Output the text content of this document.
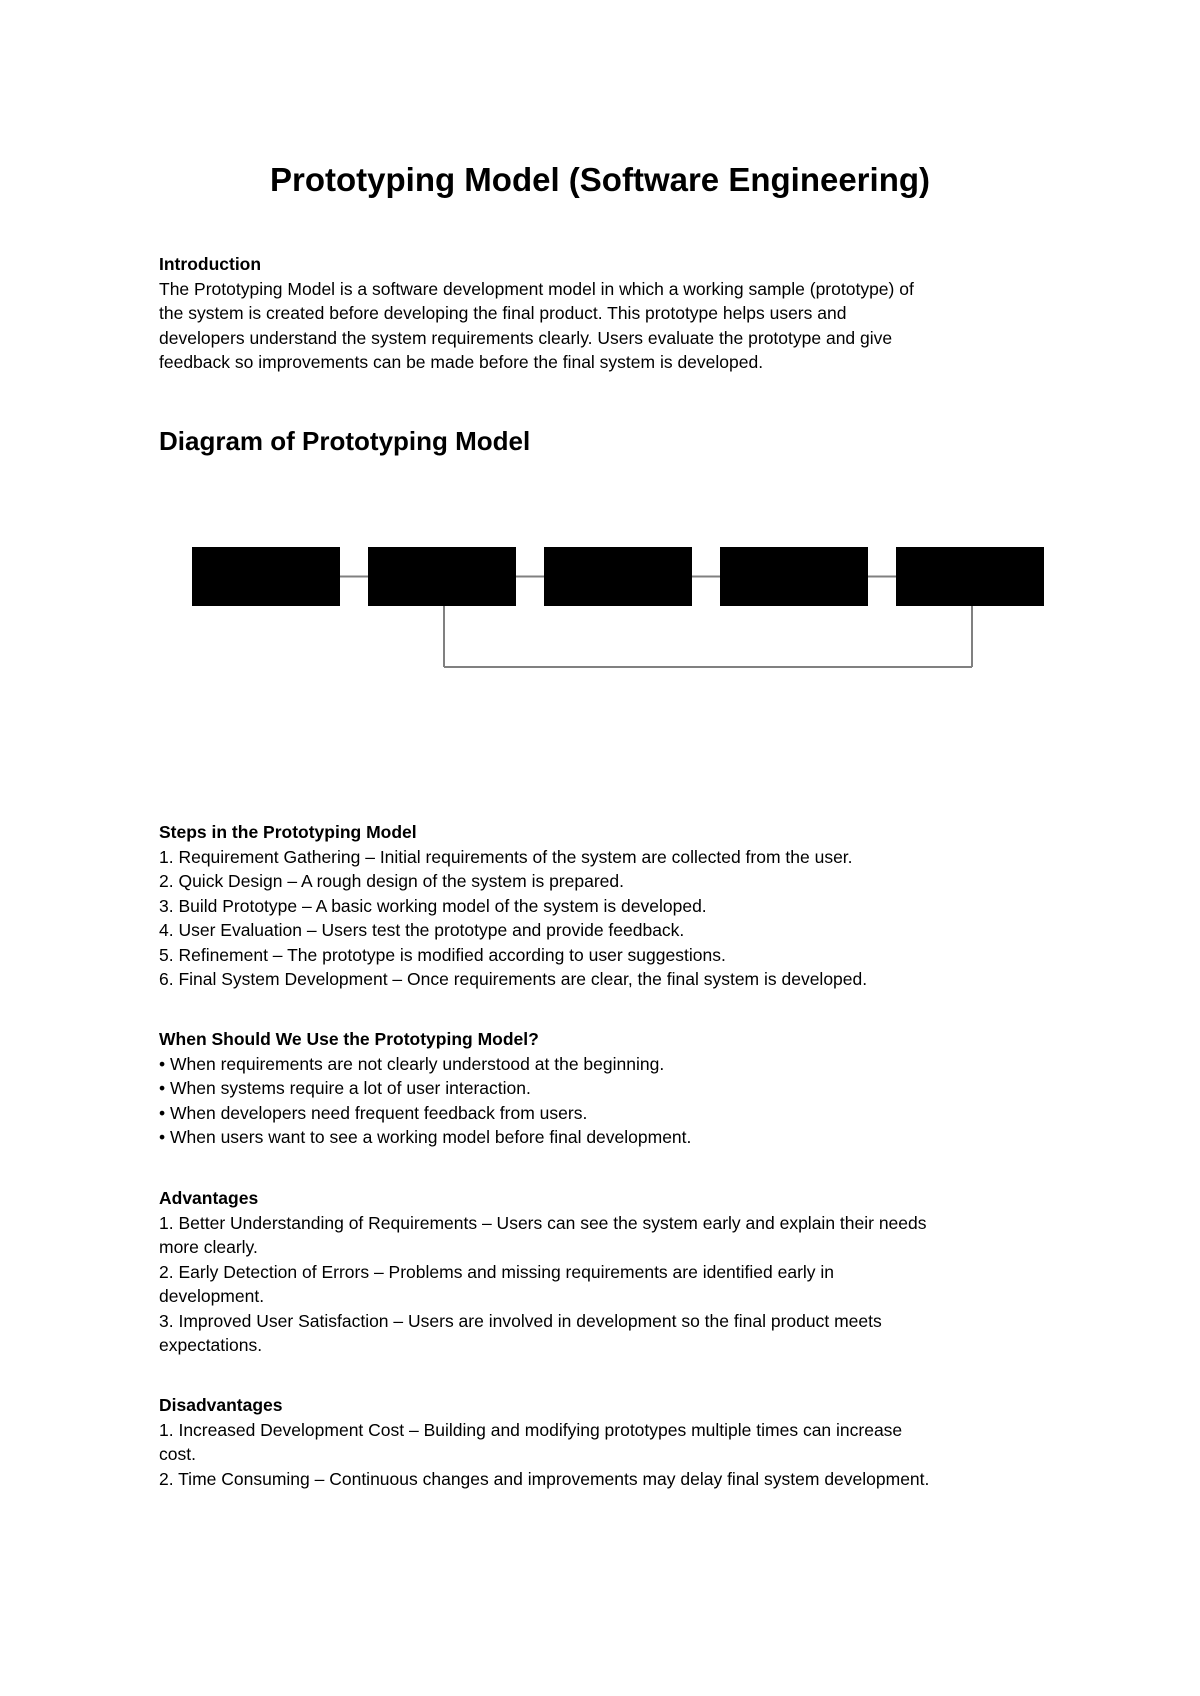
Prototyping Model (Software Engineering)
Introduction
The Prototyping Model is a software development model in which a working sample (prototype) of
the system is created before developing the final product. This prototype helps users and
developers understand the system requirements clearly. Users evaluate the prototype and give
feedback so improvements can be made before the final system is developed.
Diagram of Prototyping Model
Steps in the Prototyping Model
1. Requirement Gathering – Initial requirements of the system are collected from the user.
2. Quick Design – A rough design of the system is prepared.
3. Build Prototype – A basic working model of the system is developed.
4. User Evaluation – Users test the prototype and provide feedback.
5. Refinement – The prototype is modified according to user suggestions.
6. Final System Development – Once requirements are clear, the final system is developed.
When Should We Use the Prototyping Model?
• When requirements are not clearly understood at the beginning.
• When systems require a lot of user interaction.
• When developers need frequent feedback from users.
• When users want to see a working model before final development.
Advantages
1. Better Understanding of Requirements – Users can see the system early and explain their needs
more clearly.
2. Early Detection of Errors – Problems and missing requirements are identified early in
development.
3. Improved User Satisfaction – Users are involved in development so the final product meets
expectations.
Disadvantages
1. Increased Development Cost – Building and modifying prototypes multiple times can increase
cost.
2. Time Consuming – Continuous changes and improvements may delay final system development.
